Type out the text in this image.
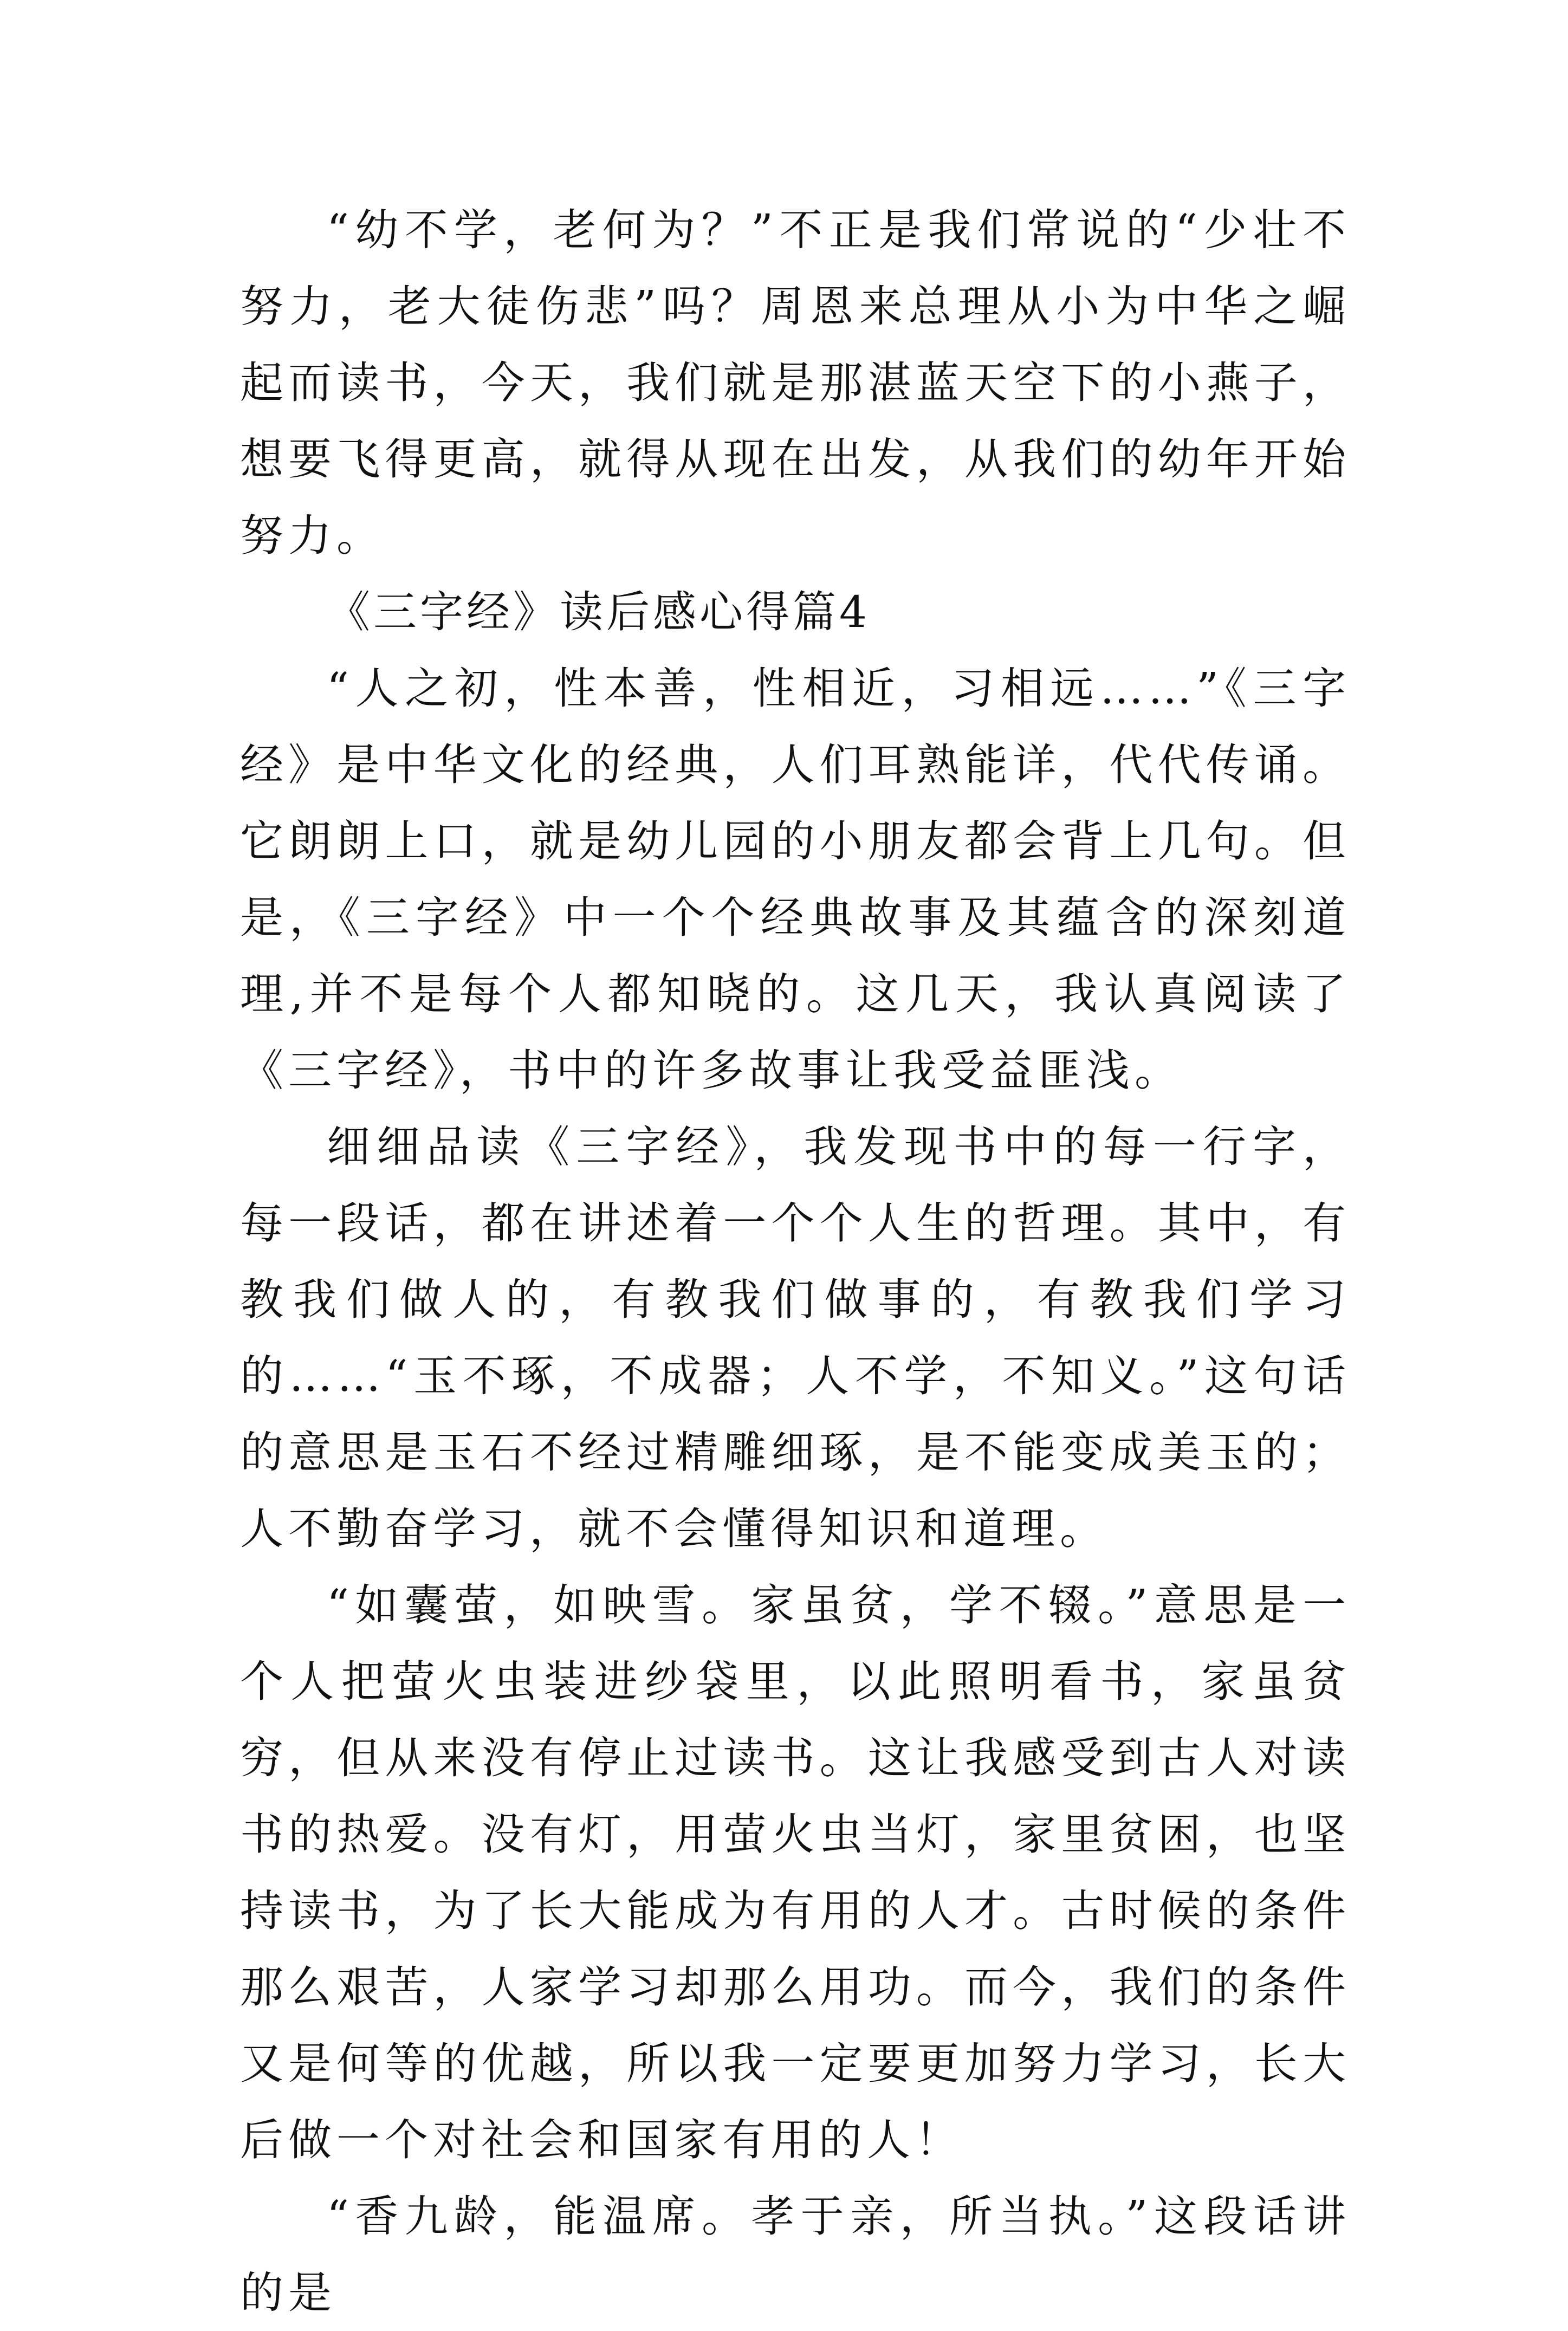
“幼不学，老何为？”不正是我们常说的“少壮不努力，老大徒伤悲”吗？周恩来总理从小为中华之崛起而读书，今天，我们就是那湛蓝天空下的小燕子，想要飞得更高，就得从现在出发，从我们的幼年开始努力。

《三字经》读后感心得篇4

“人之初，性本善，性相近，习相远……”《三字经》是中华文化的经典，人们耳熟能详，代代传诵。它朗朗上口，就是幼儿园的小朋友都会背上几句。但是，《三字经》中一个个经典故事及其蕴含的深刻道理,并不是每个人都知晓的。这几天，我认真阅读了《三字经》，书中的许多故事让我受益匪浅。

细细品读《三字经》，我发现书中的每一行字，每一段话，都在讲述着一个个人生的哲理。其中，有教我们做人的，有教我们做事的，有教我们学习的……“玉不琢，不成器；人不学，不知义。”这句话的意思是玉石不经过精雕细琢，是不能变成美玉的；人不勤奋学习，就不会懂得知识和道理。

“如囊萤，如映雪。家虽贫，学不辍。”意思是一个人把萤火虫装进纱袋里，以此照明看书，家虽贫穷，但从来没有停止过读书。这让我感受到古人对读书的热爱。没有灯，用萤火虫当灯，家里贫困，也坚持读书，为了长大能成为有用的人才。古时候的条件那么艰苦，人家学习却那么用功。而今，我们的条件又是何等的优越，所以我一定要更加努力学习，长大后做一个对社会和国家有用的人！

“香九龄，能温席。孝于亲，所当执。”这段话讲的是
